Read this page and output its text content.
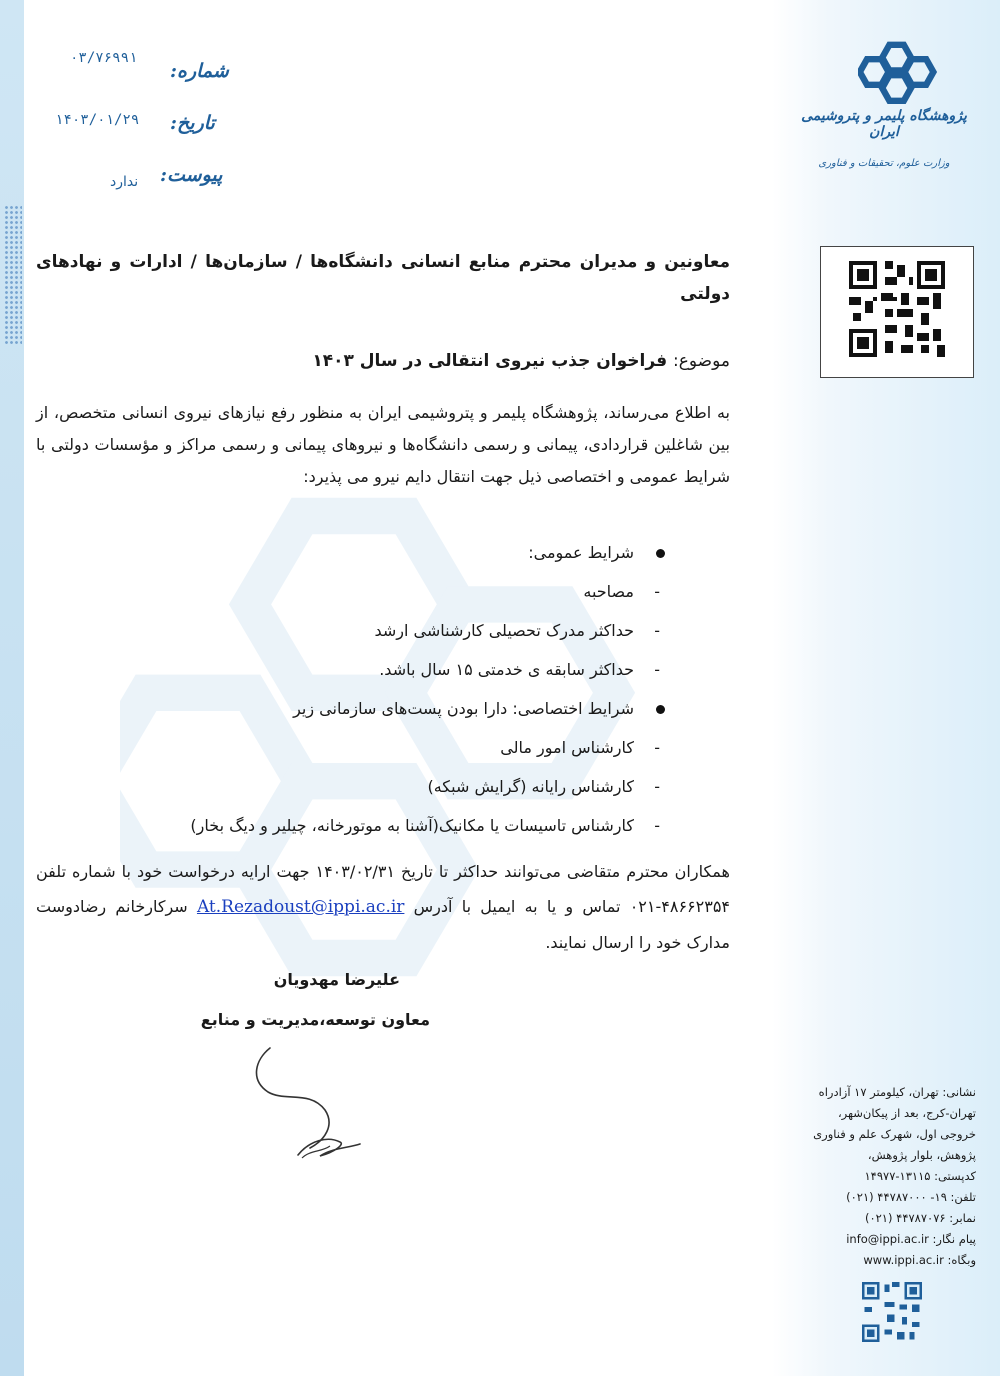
شماره:
۰۳/۷۶۹۹۱
تاریخ:
۱۴۰۳/۰۱/۲۹
پیوست:
ندارد
پژوهشگاه پلیمر و پتروشیمی ایران
وزارت علوم، تحقیقات و فناوری
معاونین و مدیران محترم منابع انسانی دانشگاه‌ها / سازمان‌ها / ادارات و نهادهای دولتی
موضوع: فراخوان جذب نیروی انتقالی در سال ۱۴۰۳
به اطلاع می‌رساند، پژوهشگاه پلیمر و پتروشیمی ایران به منظور رفع نیازهای نیروی انسانی متخصص، از بین شاغلین قراردادی، پیمانی و رسمی دانشگاه‌ها و نیروهای پیمانی و رسمی مراکز و مؤسسات دولتی با شرایط عمومی و اختصاصی ذیل جهت انتقال دایم نیرو می پذیرد:
شرایط عمومی:
-
مصاحبه
-
حداکثر مدرک تحصیلی کارشناشی ارشد
-
حداکثر سابقه ی خدمتی ۱۵ سال باشد.
شرایط اختصاصی: دارا بودن پست‌های سازمانی زیر
-
کارشناس امور مالی
-
کارشناس رایانه (گرایش شبکه)
-
کارشناس تاسیسات یا مکانیک(آشنا به موتورخانه، چیلیر و دیگ بخار)
همکاران محترم متقاضی می‌توانند حداکثر تا تاریخ ۱۴۰۳/۰۲/۳۱ جهت ارایه درخواست خود با شماره تلفن ۴۸۶۶۲۳۵۴-۰۲۱ تماس و یا به ایمیل با آدرس At.Rezadoust@ippi.ac.ir سرکارخانم رضادوست مدارک خود را ارسال نمایند.
علیرضا مهدویان
معاون توسعه،مدیریت و منابع
نشانی: تهران، کیلومتر ۱۷ آزادراه
تهران-کرج، بعد از پیکان‌شهر،
خروجی اول، شهرک علم و فناوری
پژوهش، بلوار پژوهش،
کدپستی: ۱۳۱۱۵-۱۴۹۷۷
تلفن: ۱۹- ۴۴۷۸۷۰۰۰ (۰۲۱)
نمابر: ۴۴۷۸۷۰۷۶ (۰۲۱)
پیام نگار: info@ippi.ac.ir
وبگاه: www.ippi.ac.ir
